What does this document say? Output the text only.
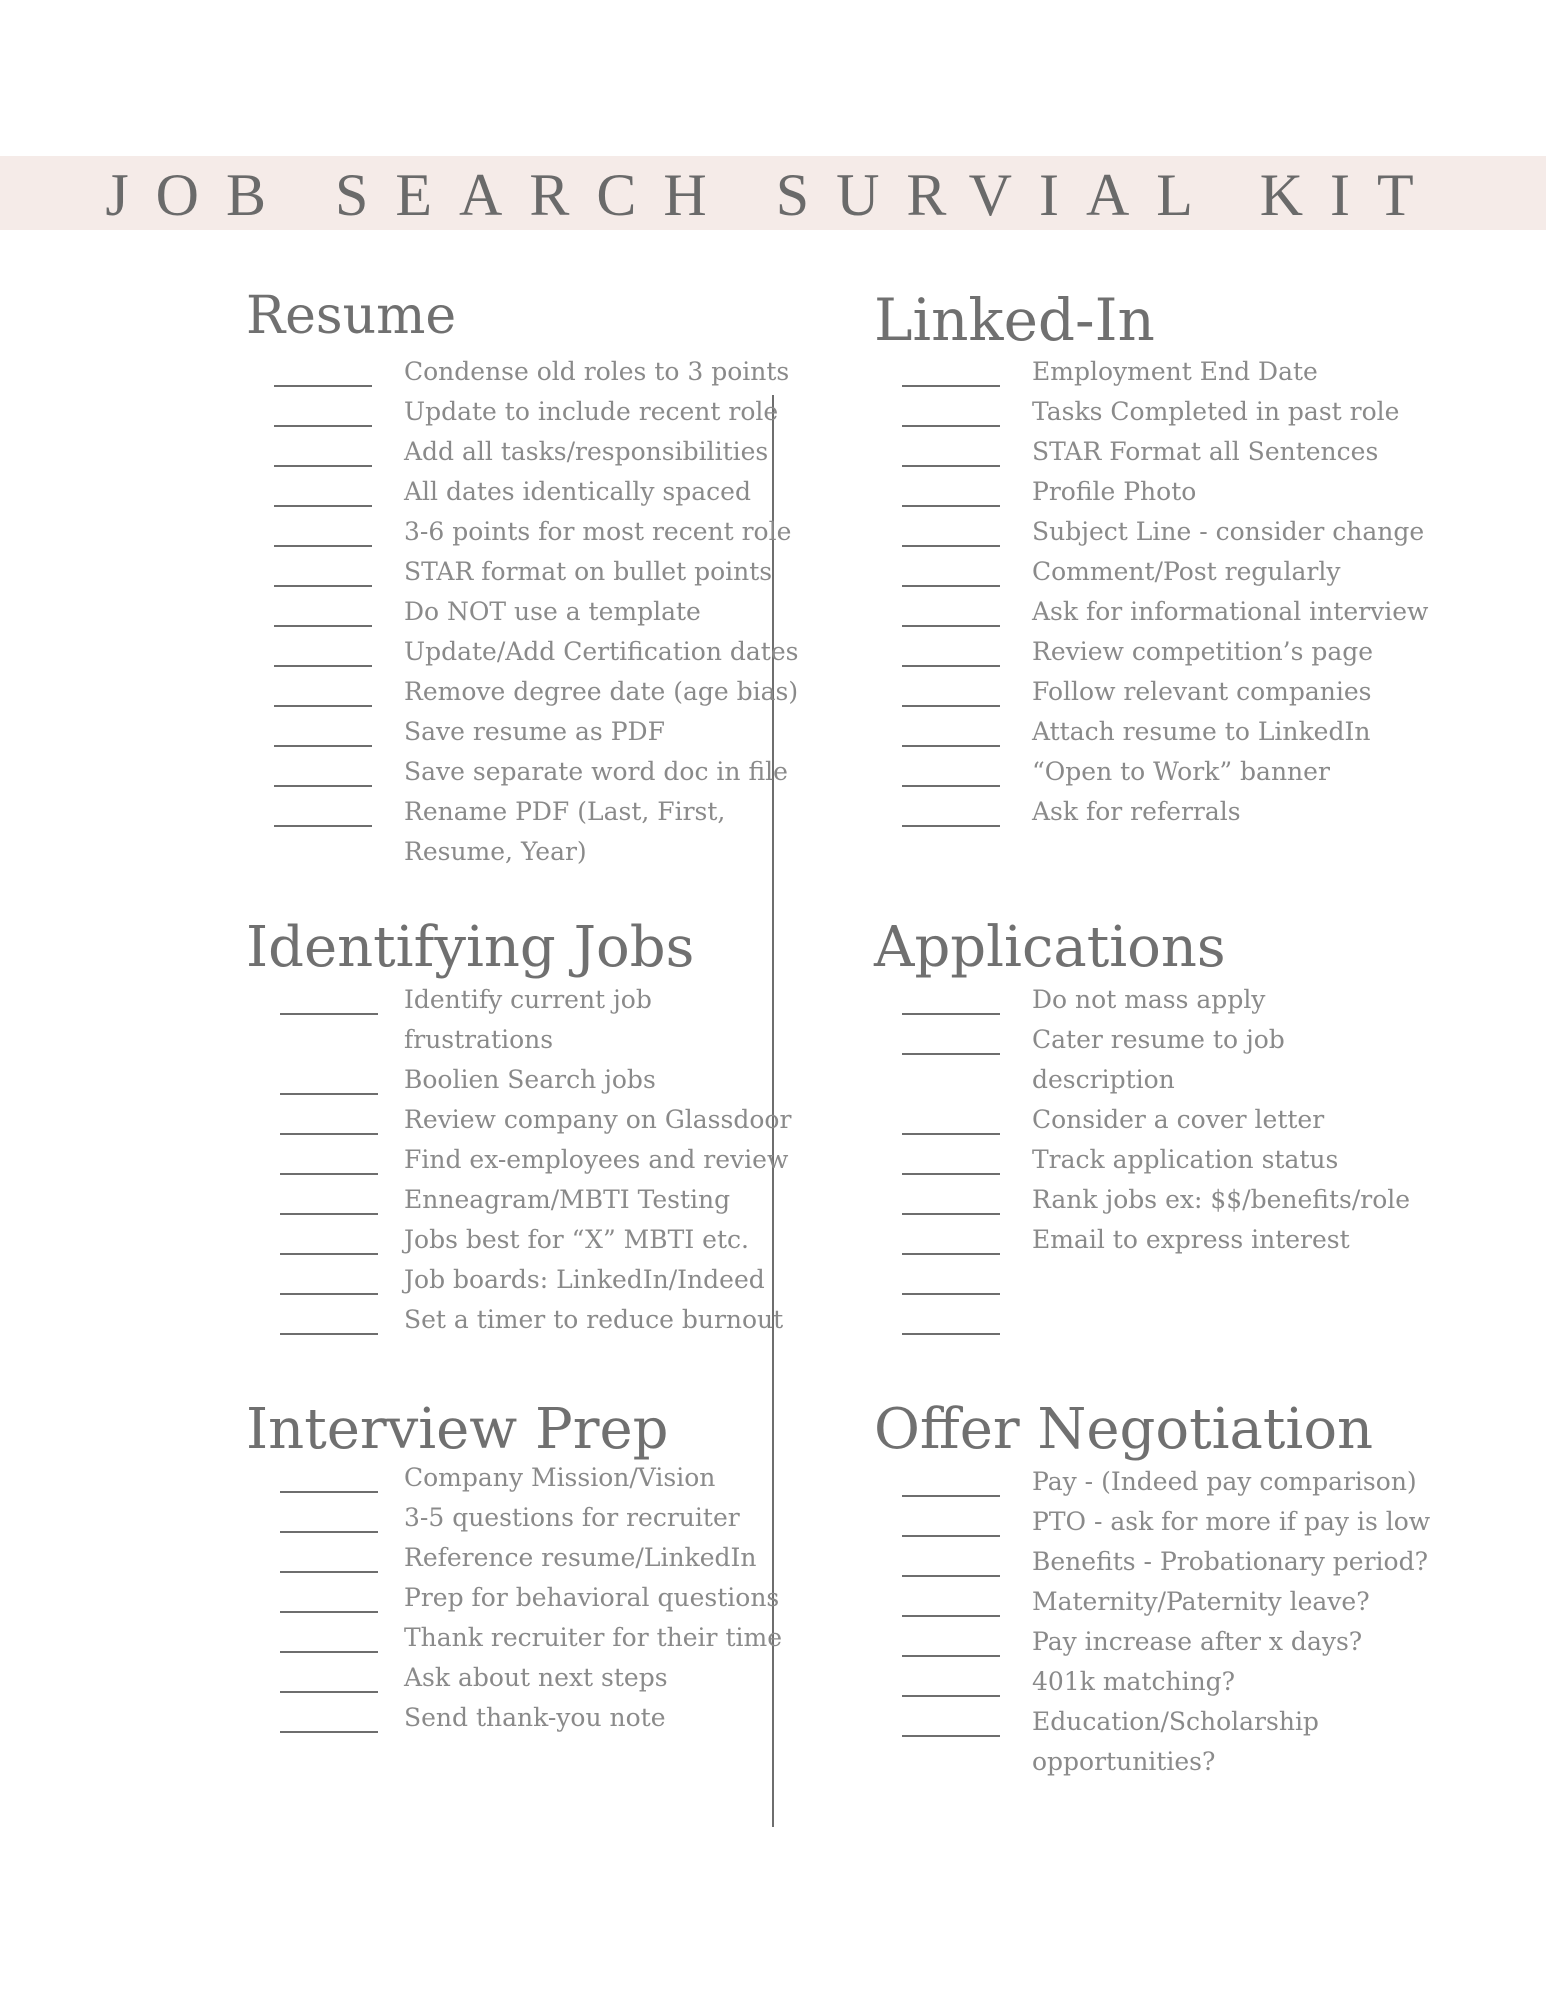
JOB SEARCH SURVIAL KIT
Resume
Condense old roles to 3 points
Update to include recent role
Add all tasks/responsibilities
All dates identically spaced
3-6 points for most recent role
STAR format on bullet points
Do NOT use a template
Update/Add Certification dates
Remove degree date (age bias)
Save resume as PDF
Save separate word doc in file
Rename PDF (Last, First,
Resume, Year)
Linked-In
Employment End Date
Tasks Completed in past role
STAR Format all Sentences
Profile Photo
Subject Line - consider change
Comment/Post regularly
Ask for informational interview
Review competition’s page
Follow relevant companies
Attach resume to LinkedIn
“Open to Work” banner
Ask for referrals
Identifying Jobs
Identify current job frustrations
Boolien Search jobs
Review company on Glassdoor
Find ex-employees and review
Enneagram/MBTI Testing
Jobs best for “X” MBTI etc.
Job boards: LinkedIn/Indeed
Set a timer to reduce burnout
Applications
Do not mass apply
Cater resume to job description
Consider a cover letter
Track application status
Rank jobs ex: $$/benefits/role
Email to express interest
Interview Prep
Company Mission/Vision
3-5 questions for recruiter
Reference resume/LinkedIn
Prep for behavioral questions
Thank recruiter for their time
Ask about next steps
Send thank-you note
Offer Negotiation
Pay - (Indeed pay comparison)
PTO - ask for more if pay is low
Benefits - Probationary period?
Maternity/Paternity leave?
Pay increase after x days?
401k matching?
Education/Scholarship
opportunities?
